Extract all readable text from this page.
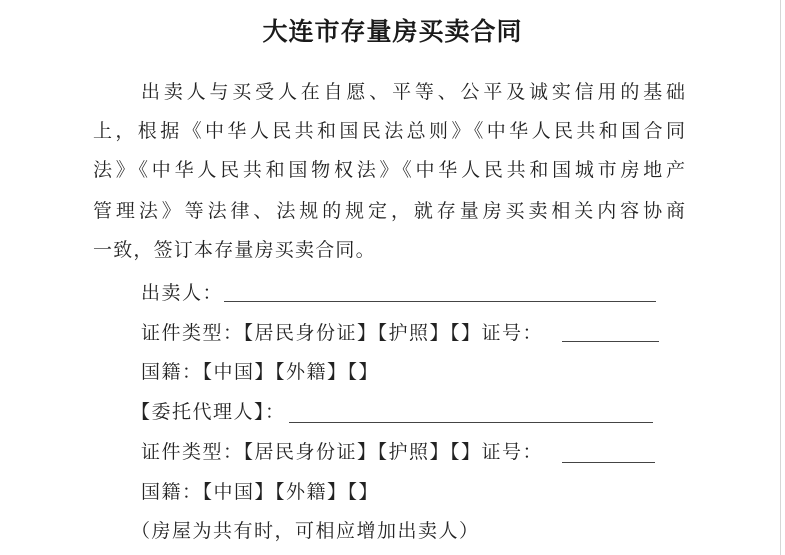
大连市存量房买卖合同
出卖人与买受人在自愿、平等、公平及诚实信用的基础
上，根据《中华人民共和国民法总则》《中华人民共和国合同
法》《中华人民共和国物权法》《中华人民共和国城市房地产
管理法》等法律、法规的规定，就存量房买卖相关内容协商
一致，签订本存量房买卖合同。
出卖人：
证件类型：【居民身份证】【护照】【】证号：
国籍：【中国】【外籍】【】
【委托代理人】：
证件类型：【居民身份证】【护照】【】证号：
国籍：【中国】【外籍】【】
（房屋为共有时，可相应增加出卖人）
